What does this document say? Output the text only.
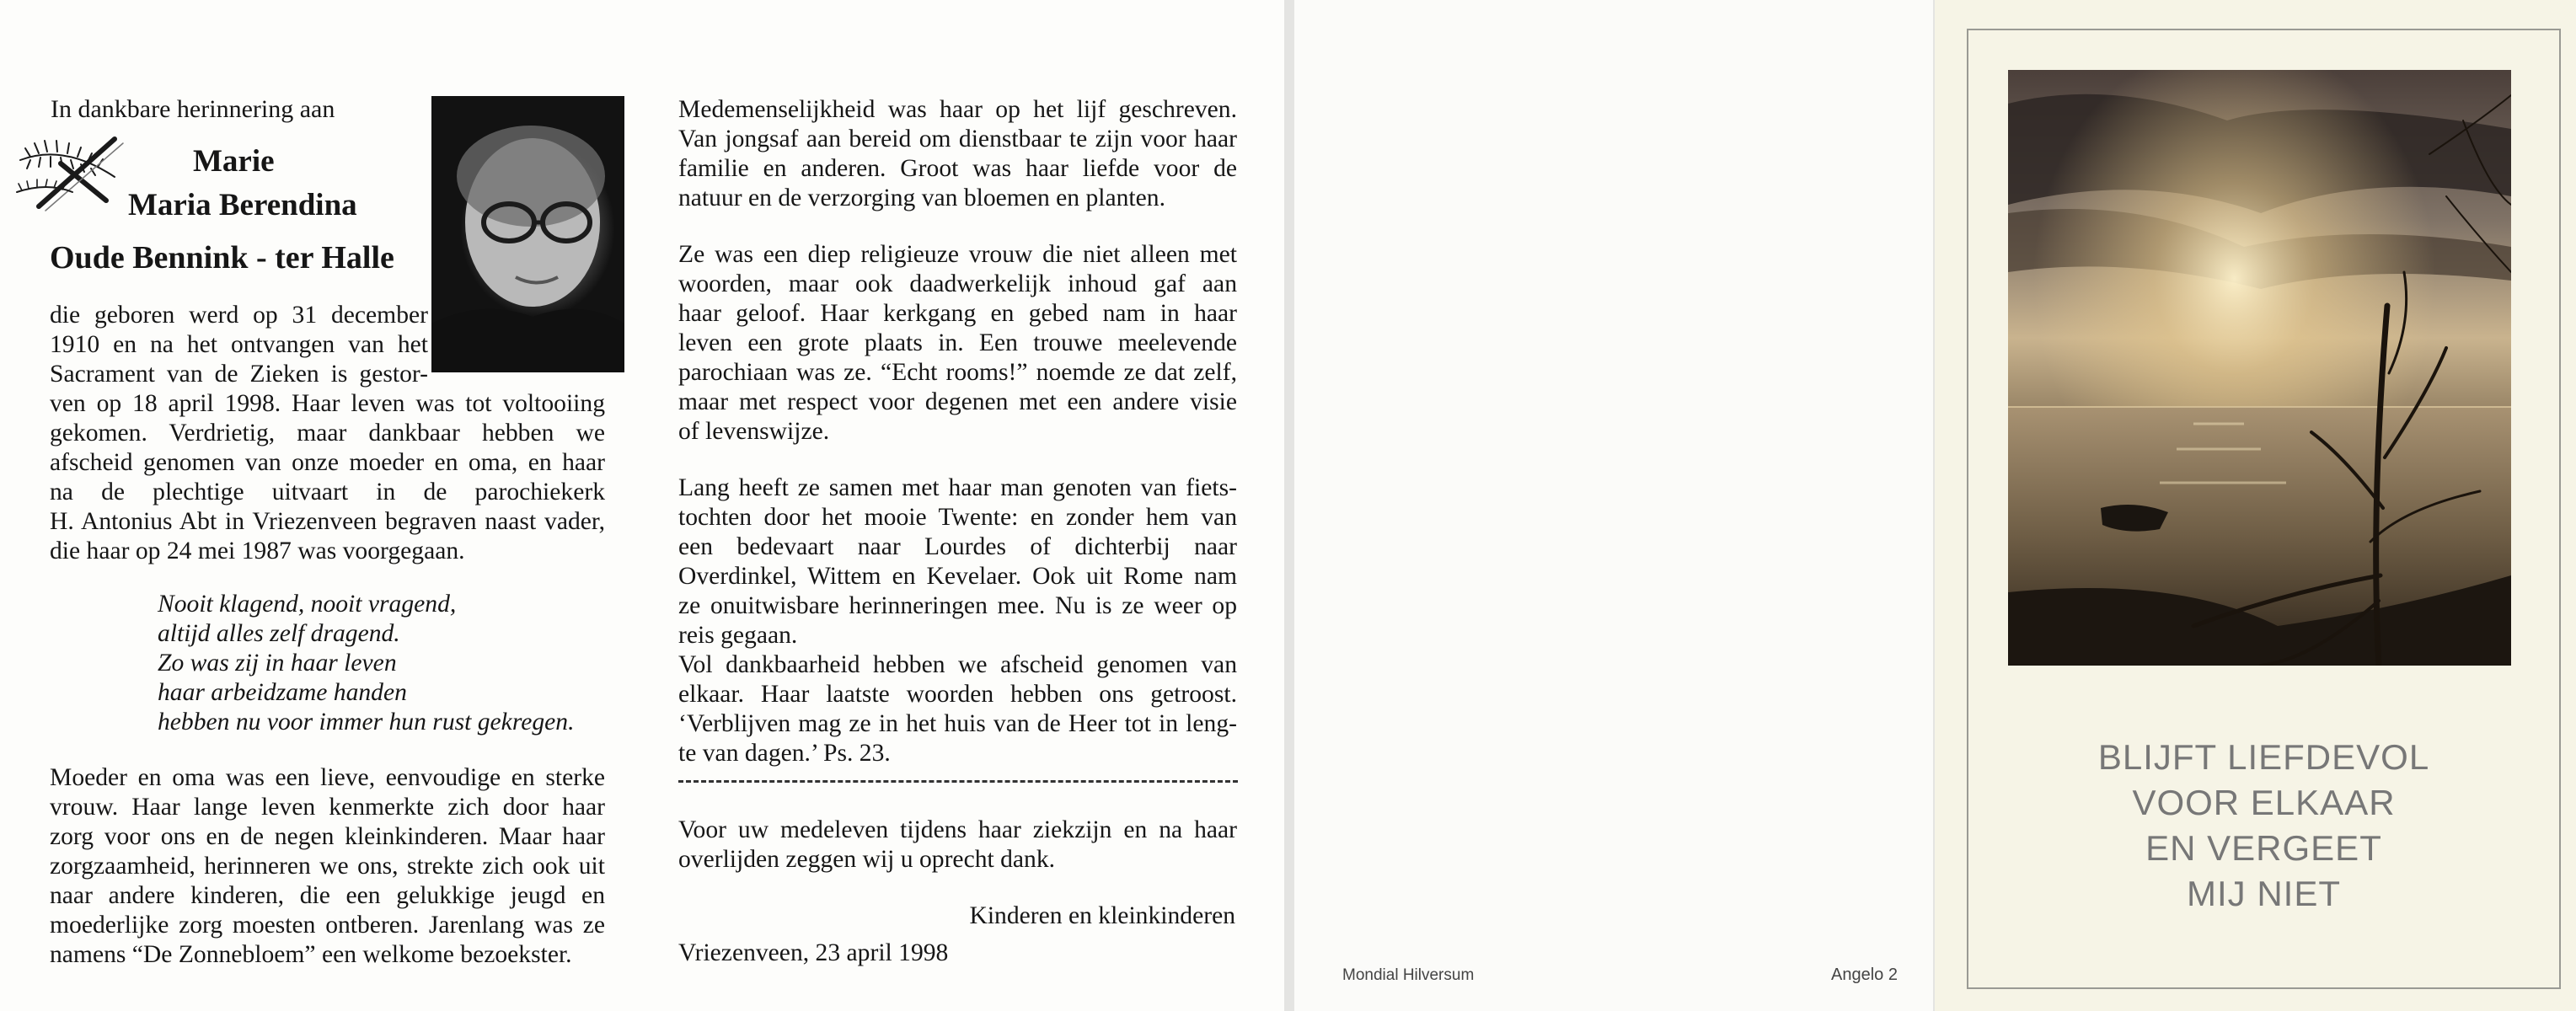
In dankbare herinnering aan

Marie

Maria Berendina

Oude Bennink - ter Halle

die geboren werd op 31 december

1910 en na het ontvangen van het

Sacrament van de Zieken is gestor-

ven op 18 april 1998. Haar leven was tot voltooiing

gekomen. Verdrietig, maar dankbaar hebben we

afscheid genomen van onze moeder en oma, en haar

na de plechtige uitvaart in de parochiekerk

H. Antonius Abt in Vriezenveen begraven naast vader,

die haar op 24 mei 1987 was voorgegaan.

Nooit klagend, nooit vragend,
altijd alles zelf dragend.
Zo was zij in haar leven
haar arbeidzame handen
hebben nu voor immer hun rust gekregen.

Moeder en oma was een lieve, eenvoudige en sterke

vrouw. Haar lange leven kenmerkte zich door haar

zorg voor ons en de negen kleinkinderen. Maar haar

zorgzaamheid, herinneren we ons, strekte zich ook uit

naar andere kinderen, die een gelukkige jeugd en

moederlijke zorg moesten ontberen. Jarenlang was ze

namens “De Zonnebloem” een welkome bezoekster.

Medemenselijkheid was haar op het lijf geschreven.

Van jongsaf aan bereid om dienstbaar te zijn voor haar

familie en anderen. Groot was haar liefde voor de

natuur en de verzorging van bloemen en planten.

Ze was een diep religieuze vrouw die niet alleen met

woorden, maar ook daadwerkelijk inhoud gaf aan

haar geloof. Haar kerkgang en gebed nam in haar

leven een grote plaats in. Een trouwe meelevende

parochiaan was ze. “Echt rooms!” noemde ze dat zelf,

maar met respect voor degenen met een andere visie

of levenswijze.

Lang heeft ze samen met haar man genoten van fiets-

tochten door het mooie Twente: en zonder hem van

een bedevaart naar Lourdes of dichterbij naar

Overdinkel, Wittem en Kevelaer. Ook uit Rome nam

ze onuitwisbare herinneringen mee. Nu is ze weer op

reis gegaan.

Vol dankbaarheid hebben we afscheid genomen van

elkaar. Haar laatste woorden hebben ons getroost.

‘Verblijven mag ze in het huis van de Heer tot in leng-

te van dagen.’ Ps. 23.

Voor uw medeleven tijdens haar ziekzijn en na haar

overlijden zeggen wij u oprecht dank.

Kinderen en kleinkinderen

Vriezenveen, 23 april 1998

Mondial Hilversum	Angelo 2

BLIJFT LIEFDEVOL
VOOR ELKAAR
EN VERGEET
MIJ NIET
